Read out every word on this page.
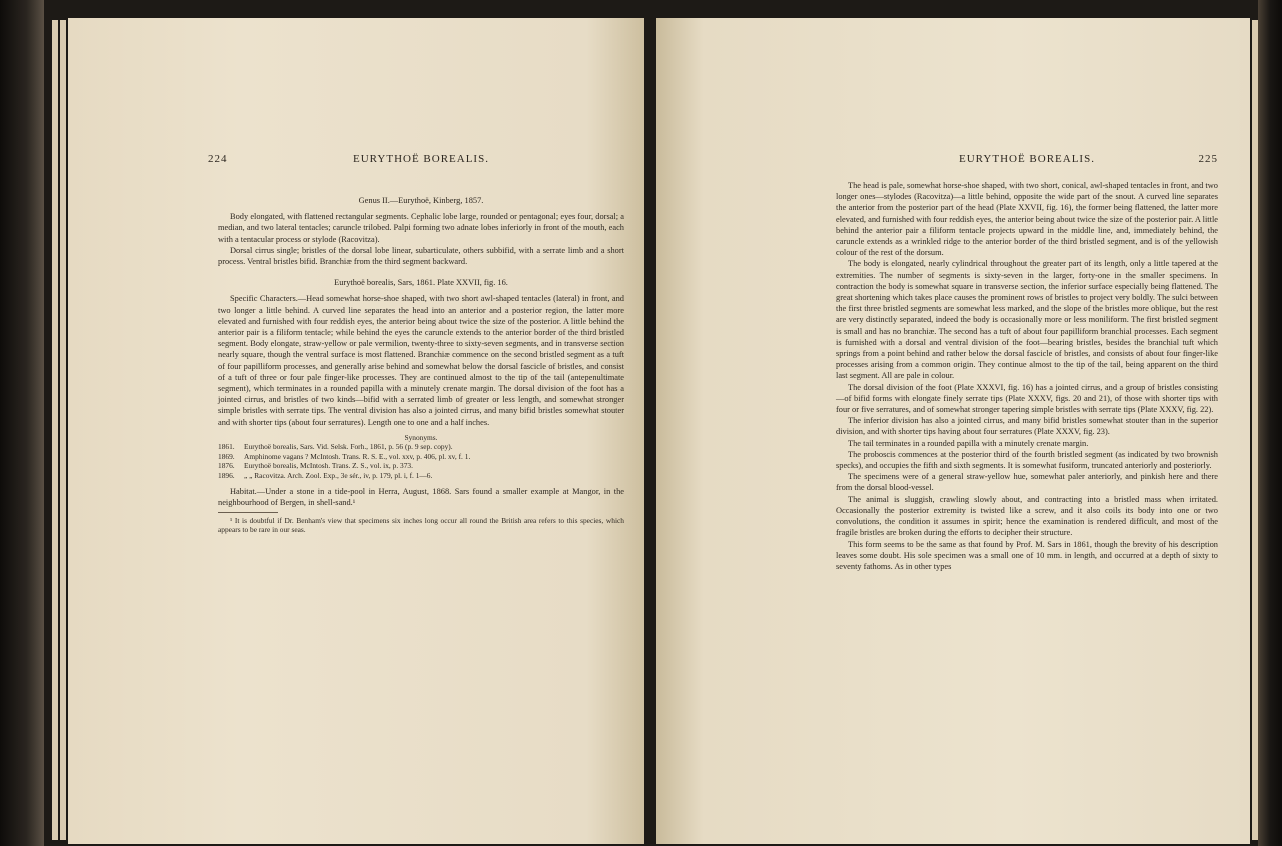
224	EURYTHOË BOREALIS.

Genus II.—Eurythoë, Kinberg, 1857.

Body elongated, with flattened rectangular segments. Cephalic lobe large, rounded or pentagonal; eyes four, dorsal; a median, and two lateral tentacles; caruncle trilobed. Palpi forming two adnate lobes inferiorly in front of the mouth, each with a tentacular process or stylode (Racovitza).

Dorsal cirrus single; bristles of the dorsal lobe linear, subarticulate, others subbifid, with a serrate limb and a short process. Ventral bristles bifid. Branchiæ from the third segment backward.

Eurythoë borealis, Sars, 1861. Plate XXVII, fig. 16.

Specific Characters.—Head somewhat horse-shoe shaped, with two short awl-shaped tentacles (lateral) in front, and two longer a little behind. A curved line separates the head into an anterior and a posterior region, the latter more elevated and furnished with four reddish eyes, the anterior being about twice the size of the posterior. A little behind the anterior pair is a filiform tentacle; while behind the eyes the caruncle extends to the anterior border of the third bristled segment. Body elongate, straw-yellow or pale vermilion, twenty-three to sixty-seven segments, and in transverse section nearly square, though the ventral surface is most flattened. Branchiæ commence on the second bristled segment as a tuft of four papilliform processes, and generally arise behind and somewhat below the dorsal fascicle of bristles, and consist of a tuft of three or four pale finger-like processes. They are continued almost to the tip of the tail (antepenultimate segment), which terminates in a rounded papilla with a minutely crenate margin. The dorsal division of the foot has a jointed cirrus, and bristles of two kinds—bifid with a serrated limb of greater or less length, and somewhat stronger simple bristles with serrate tips. The ventral division has also a jointed cirrus, and many bifid bristles somewhat stouter and with shorter tips (about four serratures). Length one to one and a half inches.

Synonyms.

1861.	Eurythoë borealis, Sars. Vid. Selsk. Forh., 1861, p. 56 (p. 9 sep. copy).
1869.	Amphinome vagans ? McIntosh. Trans. R. S. E., vol. xxv, p. 406, pl. xv, f. 1.
1876.	Eurythoë borealis, McIntosh. Trans. Z. S., vol. ix, p. 373.
1896.	„ „ Racovitza. Arch. Zool. Exp., 3e sér., iv, p. 179, pl. i, f. 1—6.

Habitat.—Under a stone in a tide-pool in Herra, August, 1868. Sars found a smaller example at Mangor, in the neighbourhood of Bergen, in shell-sand.¹

¹ It is doubtful if Dr. Benham's view that specimens six inches long occur all round the British area refers to this species, which appears to be rare in our seas.

EURYTHOË BOREALIS.	225

The head is pale, somewhat horse-shoe shaped, with two short, conical, awl-shaped tentacles in front, and two longer ones—stylodes (Racovitza)—a little behind, opposite the wide part of the snout. A curved line separates the anterior from the posterior part of the head (Plate XXVII, fig. 16), the former being flattened, the latter more elevated, and furnished with four reddish eyes, the anterior being about twice the size of the posterior pair. A little behind the anterior pair a filiform tentacle projects upward in the middle line, and, immediately behind, the caruncle extends as a wrinkled ridge to the anterior border of the third bristled segment, and is of the yellowish colour of the rest of the dorsum.

The body is elongated, nearly cylindrical throughout the greater part of its length, only a little tapered at the extremities. The number of segments is sixty-seven in the larger, forty-one in the smaller specimens. In contraction the body is somewhat square in transverse section, the inferior surface especially being flattened. The great shortening which takes place causes the prominent rows of bristles to project very boldly. The sulci between the first three bristled segments are somewhat less marked, and the slope of the bristles more oblique, but the rest are very distinctly separated, indeed the body is occasionally more or less moniliform. The first bristled segment is small and has no branchiæ. The second has a tuft of about four papilliform branchial processes. Each segment is furnished with a dorsal and ventral division of the foot—bearing bristles, besides the branchial tuft which springs from a point behind and rather below the dorsal fascicle of bristles, and consists of about four finger-like processes arising from a common origin. They continue almost to the tip of the tail, being apparent on the third last segment. All are pale in colour.

The dorsal division of the foot (Plate XXXVI, fig. 16) has a jointed cirrus, and a group of bristles consisting—of bifid forms with elongate finely serrate tips (Plate XXXV, figs. 20 and 21), of those with shorter tips with four or five serratures, and of somewhat stronger tapering simple bristles with serrate tips (Plate XXXV, fig. 22).

The inferior division has also a jointed cirrus, and many bifid bristles somewhat stouter than in the superior division, and with shorter tips having about four serratures (Plate XXXV, fig. 23).

The tail terminates in a rounded papilla with a minutely crenate margin.

The proboscis commences at the posterior third of the fourth bristled segment (as indicated by two brownish specks), and occupies the fifth and sixth segments. It is somewhat fusiform, truncated anteriorly and posteriorly.

The specimens were of a general straw-yellow hue, somewhat paler anteriorly, and pinkish here and there from the dorsal blood-vessel.

The animal is sluggish, crawling slowly about, and contracting into a bristled mass when irritated. Occasionally the posterior extremity is twisted like a screw, and it also coils its body into one or two convolutions, the condition it assumes in spirit; hence the examination is rendered difficult, and most of the fragile bristles are broken during the efforts to decipher their structure.

This form seems to be the same as that found by Prof. M. Sars in 1861, though the brevity of his description leaves some doubt. His sole specimen was a small one of 10 mm. in length, and occurred at a depth of sixty to seventy fathoms. As in other types
